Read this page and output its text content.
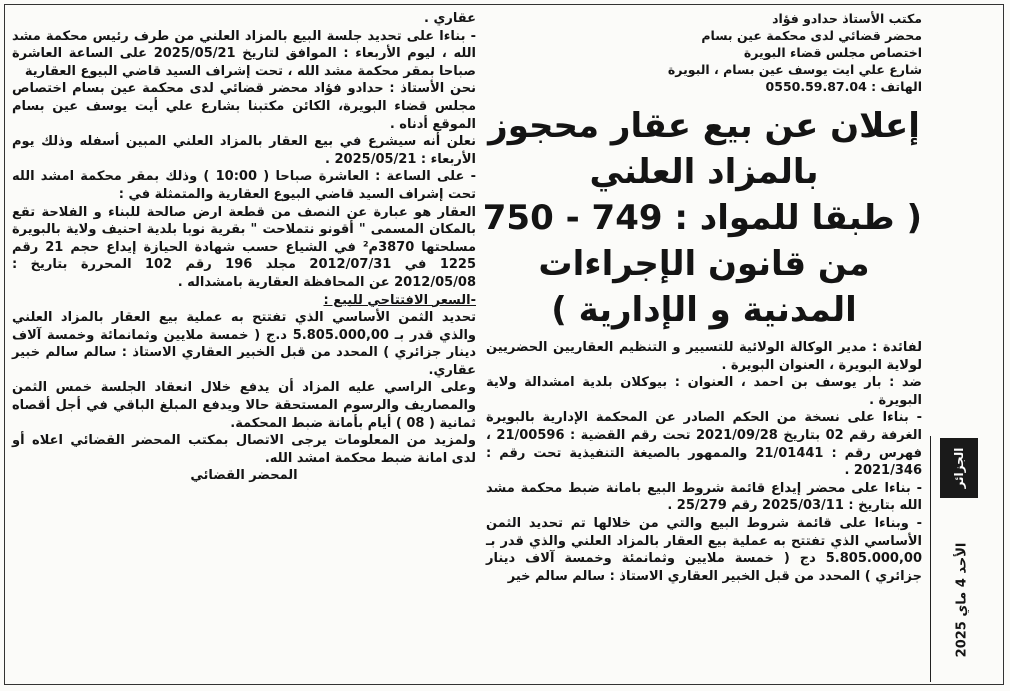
مكتب الأستاذ حدادو فؤاد

محضر قضائي لدى محكمة عين بسام

اختصاص مجلس قضاء البويرة

شارع علي ايت يوسف عين بسام ، البويرة

الهاتف : 0550.59.87.04

إعلان عن بيع عقار محجوز
بالمزاد العلني
( طبقا للمواد : 749 - 750
من قانون الإجراءات
المدنية و الإدارية )

لفائدة : مدير الوكالة الولائية للتسيير و التنظيم العقاريين الحضريين لولاية البويرة ، العنوان البويرة .

ضد : بار يوسف بن احمد ، العنوان : بيوكلان بلدية امشدالة ولاية البويرة .

- بناءا على نسخة من الحكم الصادر عن المحكمة الإدارية بالبويرة الغرفة رقم 02 بتاريخ 2021/09/28 تحت رقم القضية : 21/00596 ، فهرس رقم : 21/01441 والممهور بالصيغة التنفيذية تحت رقم : 2021/346 .

- بناءا على محضر إيداع قائمة شروط البيع بامانة ضبط محكمة مشد الله بتاريخ : 2025/03/11 رقم 25/279 .

- وبناءا على قائمة شروط البيع والتي من خلالها تم تحديد الثمن الأساسي الذي تفتتح به عملية بيع العقار بالمزاد العلني والذي قدر بـ 5.805.000,00 دج ( خمسة ملايين وثمانمئة وخمسة آلاف دينار جزائري ) المحدد من قبل الخبير العقاري الاستاذ : سالم سالم خير

عقاري .

- بناءا على تحديد جلسة البيع بالمزاد العلني من طرف رئيس محكمة مشد الله ، ليوم الأربعاء : الموافق لتاريخ 2025/05/21 على الساعة العاشرة صباحا بمقر محكمة مشد الله ، تحت إشراف السيد قاضي البيوع العقارية

نحن الأستاذ : حدادو فؤاد محضر قضائي لدى محكمة عين بسام اختصاص مجلس قضاء البويرة، الكائن مكتبنا بشارع علي أيت يوسف عين بسام الموقع أدناه .

نعلن أنه سيشرع في بيع العقار بالمزاد العلني المبين أسفله وذلك يوم الأربعاء : 2025/05/21 .

- على الساعة : العاشرة صباحا ( 10:00 ) وذلك بمقر محكمة امشد الله تحت إشراف السيد قاضي البيوع العقارية والمتمثلة في :

العقار هو عبارة عن النصف من قطعة ارض صالحة للبناء و الفلاحة تقع بالمكان المسمى " أقونو نتملاحت " بقرية نوبا بلدية احنيف ولاية بالبويرة مسلحتها 3870م² في الشياع حسب شهادة الحيازة إيداع حجم 21 رقم 1225 في 2012/07/31 مجلد 196 رقم 102 المحررة بتاريخ : 2012/05/08 عن المحافظة العقارية بامشداله .

-السعر الافتتاحي للبيع :

تحديد الثمن الأساسي الذي تفتتح به عملية بيع العقار بالمزاد العلني والذي قدر بـ 5.805.000,00 د.ج ( خمسة ملايين وثمانمائة وخمسة آلاف دينار جزائري ) المحدد من قبل الخبير العقاري الاستاذ : سالم سالم خبير عقاري.

وعلى الراسي عليه المزاد أن يدفع خلال انعقاد الجلسة خمس الثمن والمصاريف والرسوم المستحقة حالا ويدفع المبلغ الباقي في أجل أقصاه ثمانية ( 08 ) أيام بأمانة ضبط المحكمة.

ولمزيد من المعلومات يرجى الاتصال بمكتب المحضر القضائي اعلاه أو لدى امانة ضبط محكمة امشد الله.

المحضر القضائي	الجزائر
الأحد 4 ماي 2025
